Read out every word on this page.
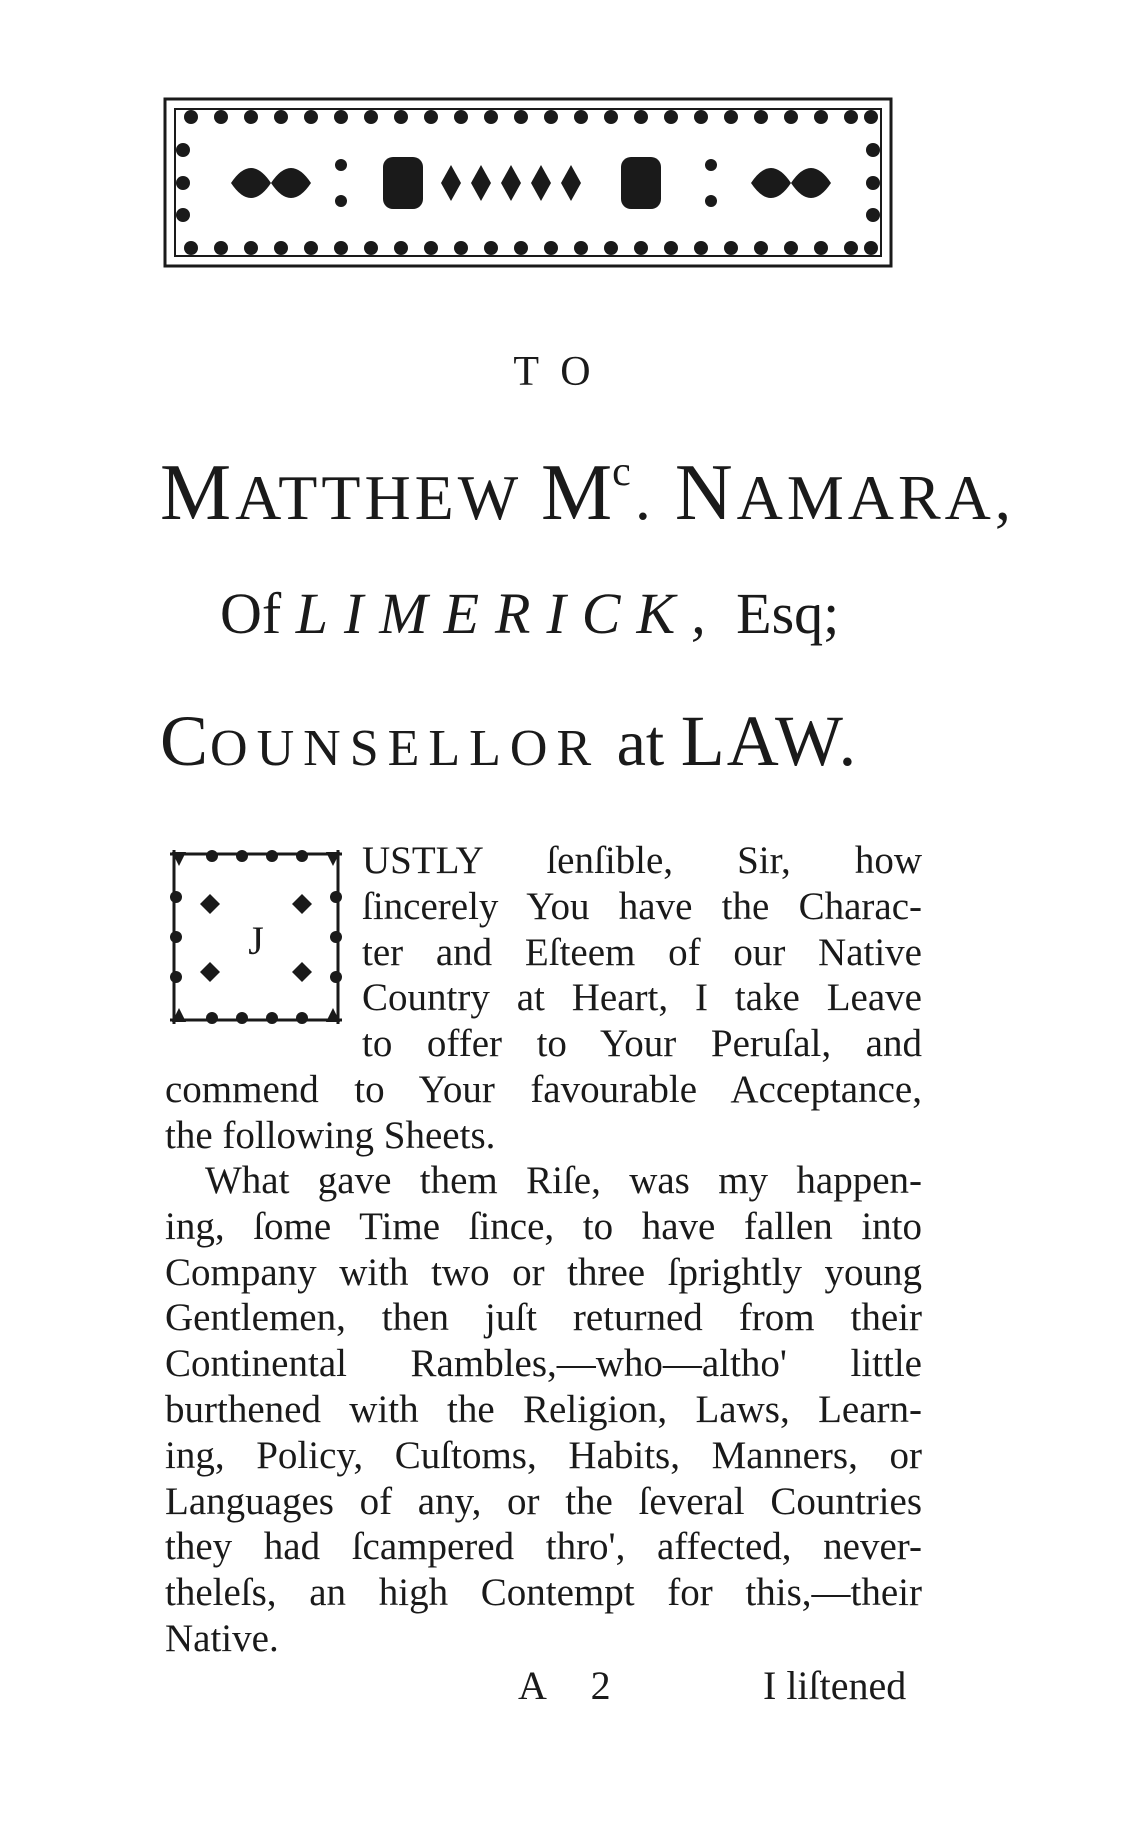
TO
MATTHEW $M^c$. NAMARA,
Of LIMERICK, Esq;
COUNSELLOR at LAW.
J
USTLY ſenſible, Sir, how
ſincerely You have the Charac-
ter and Eſteem of our Native
Country at Heart, I take Leave
to offer to Your Peruſal, and
commend to Your favourable Acceptance,
the following Sheets.
What gave them Riſe, was my happen-
ing, ſome Time ſince, to have fallen into
Company with two or three ſprightly young
Gentlemen, then juſt returned from their
Continental Rambles,—who—altho' little
burthened with the Religion, Laws, Learn-
ing, Policy, Cuſtoms, Habits, Manners, or
Languages of any, or the ſeveral Countries
they had ſcampered thro', affected, never-
theleſs, an high Contempt for this,—their
Native.
A 2	I liſtened
